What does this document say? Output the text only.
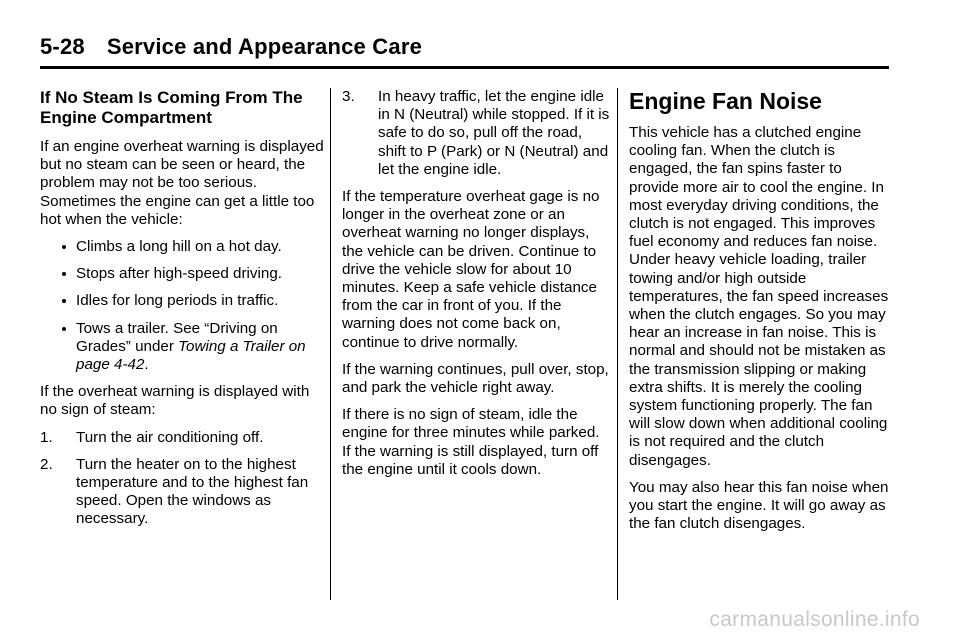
5-28 Service and Appearance Care
If No Steam Is Coming From The Engine Compartment

If an engine overheat warning is displayed but no steam can be seen or heard, the problem may not be too serious. Sometimes the engine can get a little too hot when the vehicle:

Climbs a long hill on a hot day.
Stops after high-speed driving.
Idles for long periods in traffic.
Tows a trailer. See “Driving on Grades” under Towing a Trailer on page 4-42.

If the overheat warning is displayed with no sign of steam:

1. Turn the air conditioning off.
2. Turn the heater on to the highest temperature and to the highest fan speed. Open the windows as necessary.
3. In heavy traffic, let the engine idle in N (Neutral) while stopped. If it is safe to do so, pull off the road, shift to P (Park) or N (Neutral) and let the engine idle.

If the temperature overheat gage is no longer in the overheat zone or an overheat warning no longer displays, the vehicle can be driven. Continue to drive the vehicle slow for about 10 minutes. Keep a safe vehicle distance from the car in front of you. If the warning does not come back on, continue to drive normally.

If the warning continues, pull over, stop, and park the vehicle right away.

If there is no sign of steam, idle the engine for three minutes while parked. If the warning is still displayed, turn off the engine until it cools down.

Engine Fan Noise

This vehicle has a clutched engine cooling fan. When the clutch is engaged, the fan spins faster to provide more air to cool the engine. In most everyday driving conditions, the clutch is not engaged. This improves fuel economy and reduces fan noise. Under heavy vehicle loading, trailer towing and/or high outside temperatures, the fan speed increases when the clutch engages. So you may hear an increase in fan noise. This is normal and should not be mistaken as the transmission slipping or making extra shifts. It is merely the cooling system functioning properly. The fan will slow down when additional cooling is not required and the clutch disengages.

You may also hear this fan noise when you start the engine. It will go away as the fan clutch disengages.

carmanualsonline.info
